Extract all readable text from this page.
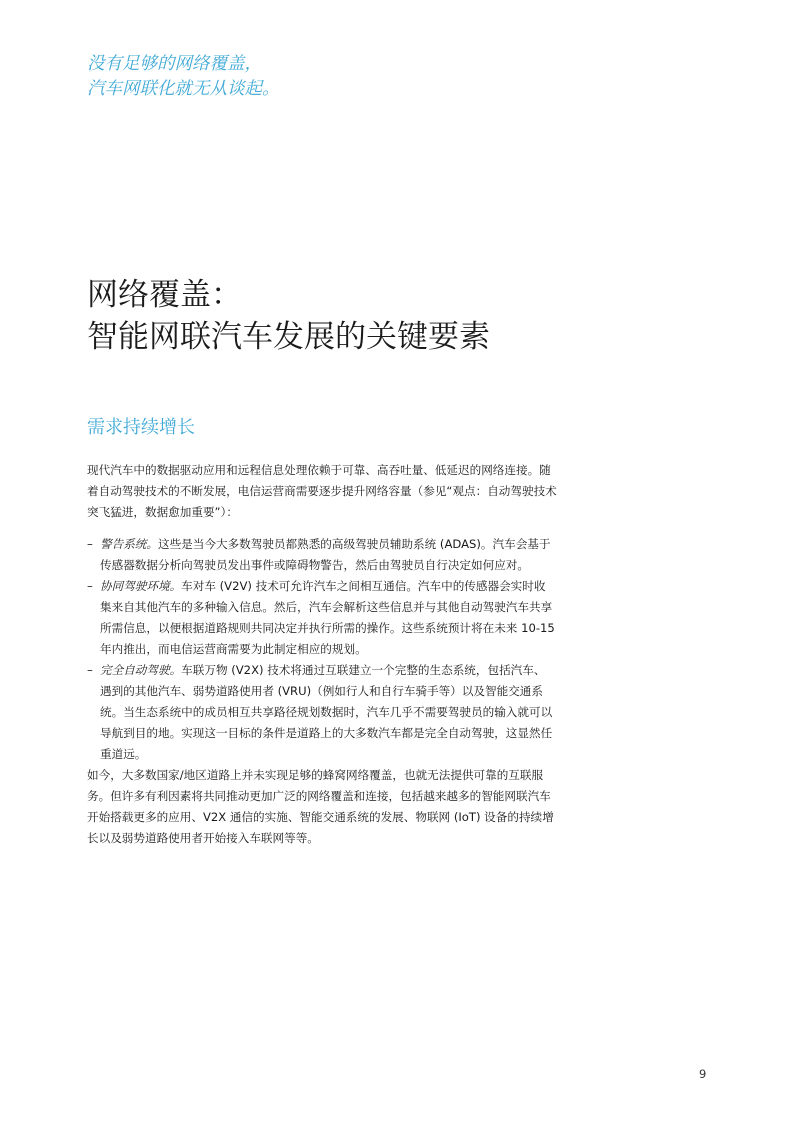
没有足够的网络覆盖，
汽车网联化就无从谈起。
网络覆盖：
智能网联汽车发展的关键要素
需求持续增长

现代汽车中的数据驱动应用和远程信息处理依赖于可靠、高吞吐量、低延迟的网络连接。随着自动驾驶技术的不断发展，电信运营商需要逐步提升网络容量（参见“观点：自动驾驶技术突飞猛进，数据愈加重要”）：

– 警告系统。这些是当今大多数驾驶员都熟悉的高级驾驶员辅助系统 (ADAS)。汽车会基于传感器数据分析向驾驶员发出事件或障碍物警告，然后由驾驶员自行决定如何应对。

– 协同驾驶环境。车对车 (V2V) 技术可允许汽车之间相互通信。汽车中的传感器会实时收集来自其他汽车的多种输入信息。然后，汽车会解析这些信息并与其他自动驾驶汽车共享所需信息，以便根据道路规则共同决定并执行所需的操作。这些系统预计将在未来 10-15 年内推出，而电信运营商需要为此制定相应的规划。

– 完全自动驾驶。车联万物 (V2X) 技术将通过互联建立一个完整的生态系统，包括汽车、遇到的其他汽车、弱势道路使用者 (VRU)（例如行人和自行车骑手等）以及智能交通系统。当生态系统中的成员相互共享路径规划数据时，汽车几乎不需要驾驶员的输入就可以导航到目的地。实现这一目标的条件是道路上的大多数汽车都是完全自动驾驶，这显然任重道远。

如今，大多数国家/地区道路上并未实现足够的蜂窝网络覆盖，也就无法提供可靠的互联服务。但许多有利因素将共同推动更加广泛的网络覆盖和连接，包括越来越多的智能网联汽车开始搭载更多的应用、V2X 通信的实施、智能交通系统的发展、物联网 (IoT) 设备的持续增长以及弱势道路使用者开始接入车联网等等。

9
